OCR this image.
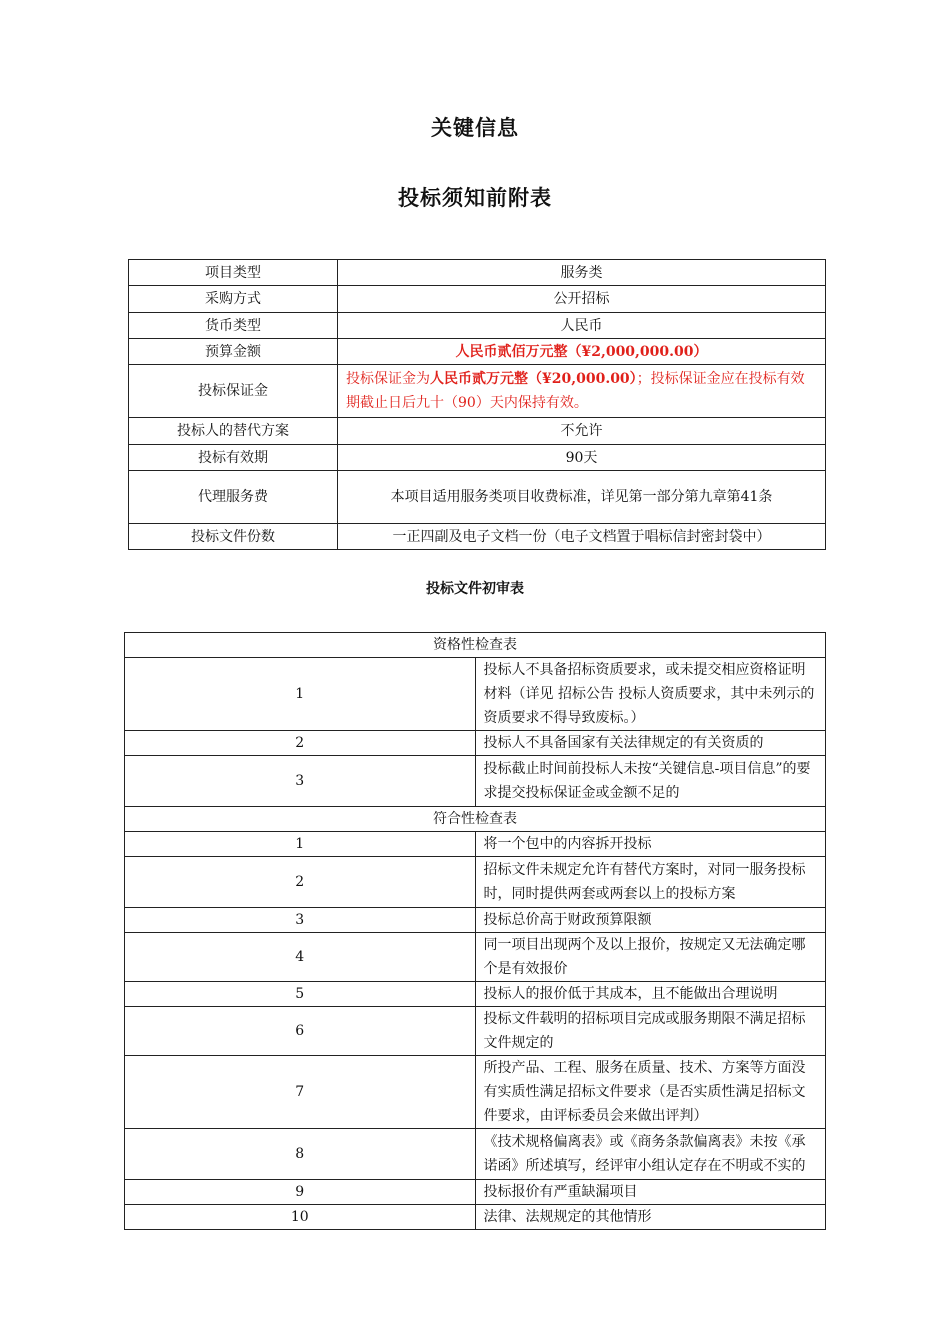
关键信息
投标须知前附表
项目类型	服务类
采购方式	公开招标
货币类型	人民币
预算金额	人民币贰佰万元整（¥2,000,000.00）
投标保证金	投标保证金为人民币贰万元整（¥20,000.00）；投标保证金应在投标有效期截止日后九十（90）天内保持有效。
投标人的替代方案	不允许
投标有效期	90天
代理服务费	本项目适用服务类项目收费标准，详见第一部分第九章第41条
投标文件份数	一正四副及电子文档一份（电子文档置于唱标信封密封袋中）
投标文件初审表
资格性检查表	
1	投标人不具备招标资质要求，或未提交相应资格证明材料（详见 招标公告 投标人资质要求，其中未列示的资质要求不得导致废标。）
2	投标人不具备国家有关法律规定的有关资质的
3	投标截止时间前投标人未按“关键信息-项目信息”的要求提交投标保证金或金额不足的
符合性检查表	
1	将一个包中的内容拆开投标
2	招标文件未规定允许有替代方案时，对同一服务投标时，同时提供两套或两套以上的投标方案
3	投标总价高于财政预算限额
4	同一项目出现两个及以上报价，按规定又无法确定哪个是有效报价
5	投标人的报价低于其成本，且不能做出合理说明
6	投标文件载明的招标项目完成或服务期限不满足招标文件规定的
7	所投产品、工程、服务在质量、技术、方案等方面没有实质性满足招标文件要求（是否实质性满足招标文件要求，由评标委员会来做出评判）
8	《技术规格偏离表》或《商务条款偏离表》未按《承诺函》所述填写，经评审小组认定存在不明或不实的
9	投标报价有严重缺漏项目
10	法律、法规规定的其他情形
